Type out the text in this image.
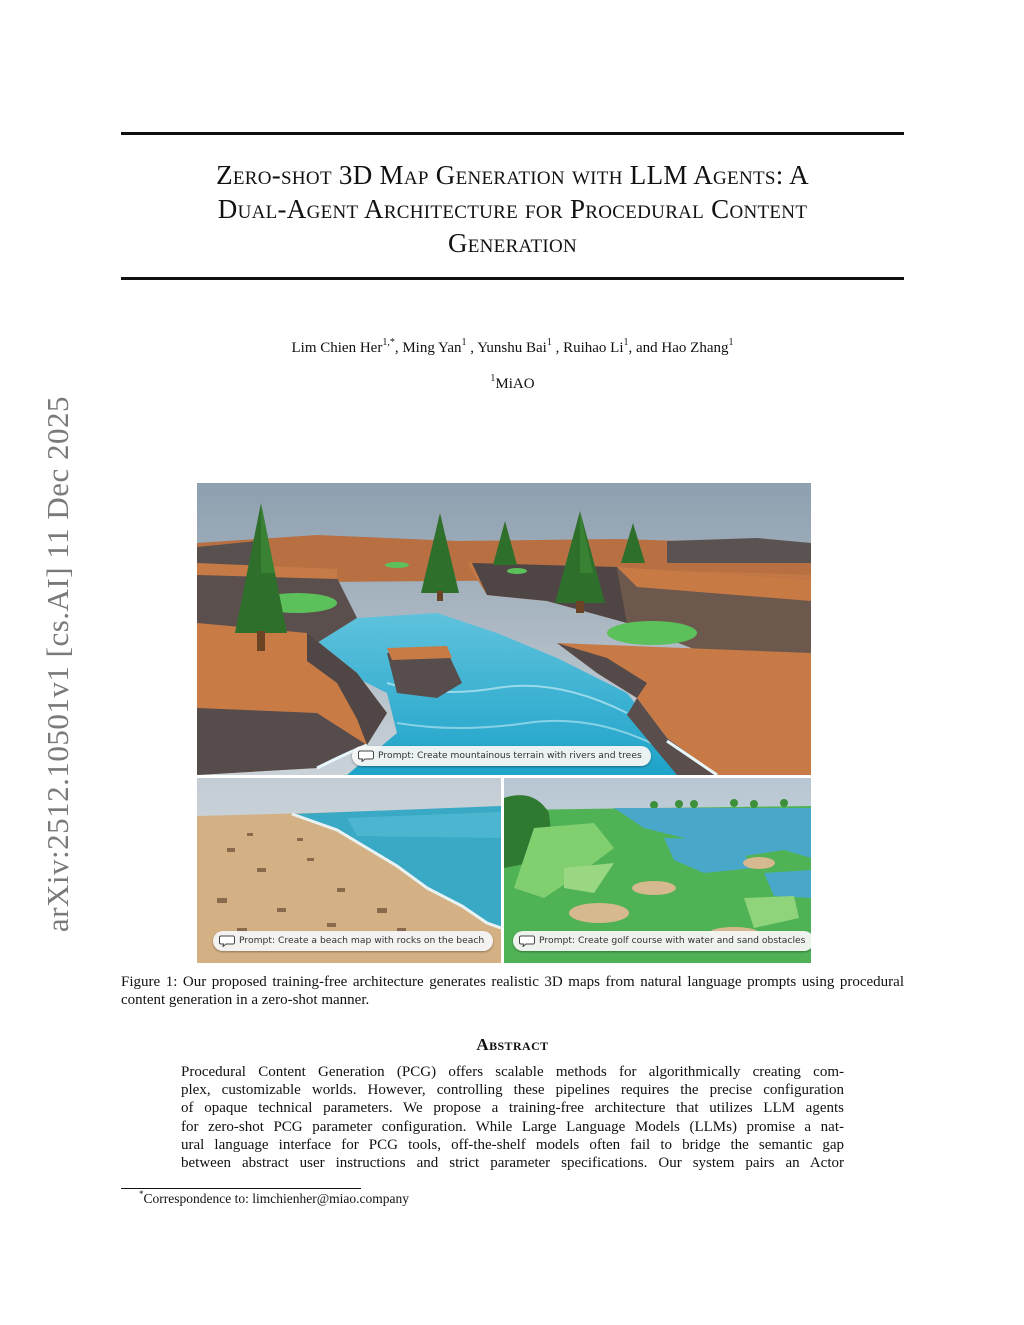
Zero-shot 3D Map Generation with LLM Agents: A
Dual-Agent Architecture for Procedural Content
Generation
Lim Chien Her$^{1,*}$, Ming Yan$^1$ , Yunshu Bai$^1$ , Ruihao Li$^1$, and Hao Zhang$^1$
$^1$MiAO
arXiv:2512.10501v1 [cs.AI] 11 Dec 2025	Prompt: Create mountainous terrain with rivers and trees
Prompt: Create a beach map with rocks on the beach	Prompt: Create golf course with water and sand obstacles
Figure 1: Our proposed training-free architecture generates realistic 3D maps from natural language prompts using procedural content generation in a zero-shot manner.
Abstract
Procedural Content Generation (PCG) offers scalable methods for algorithmically creating com-
plex, customizable worlds. However, controlling these pipelines requires the precise configuration
of opaque technical parameters. We propose a training-free architecture that utilizes LLM agents
for zero-shot PCG parameter configuration. While Large Language Models (LLMs) promise a nat-
ural language interface for PCG tools, off-the-shelf models often fail to bridge the semantic gap
between abstract user instructions and strict parameter specifications. Our system pairs an Actor
*Correspondence to: limchienher@miao.company
